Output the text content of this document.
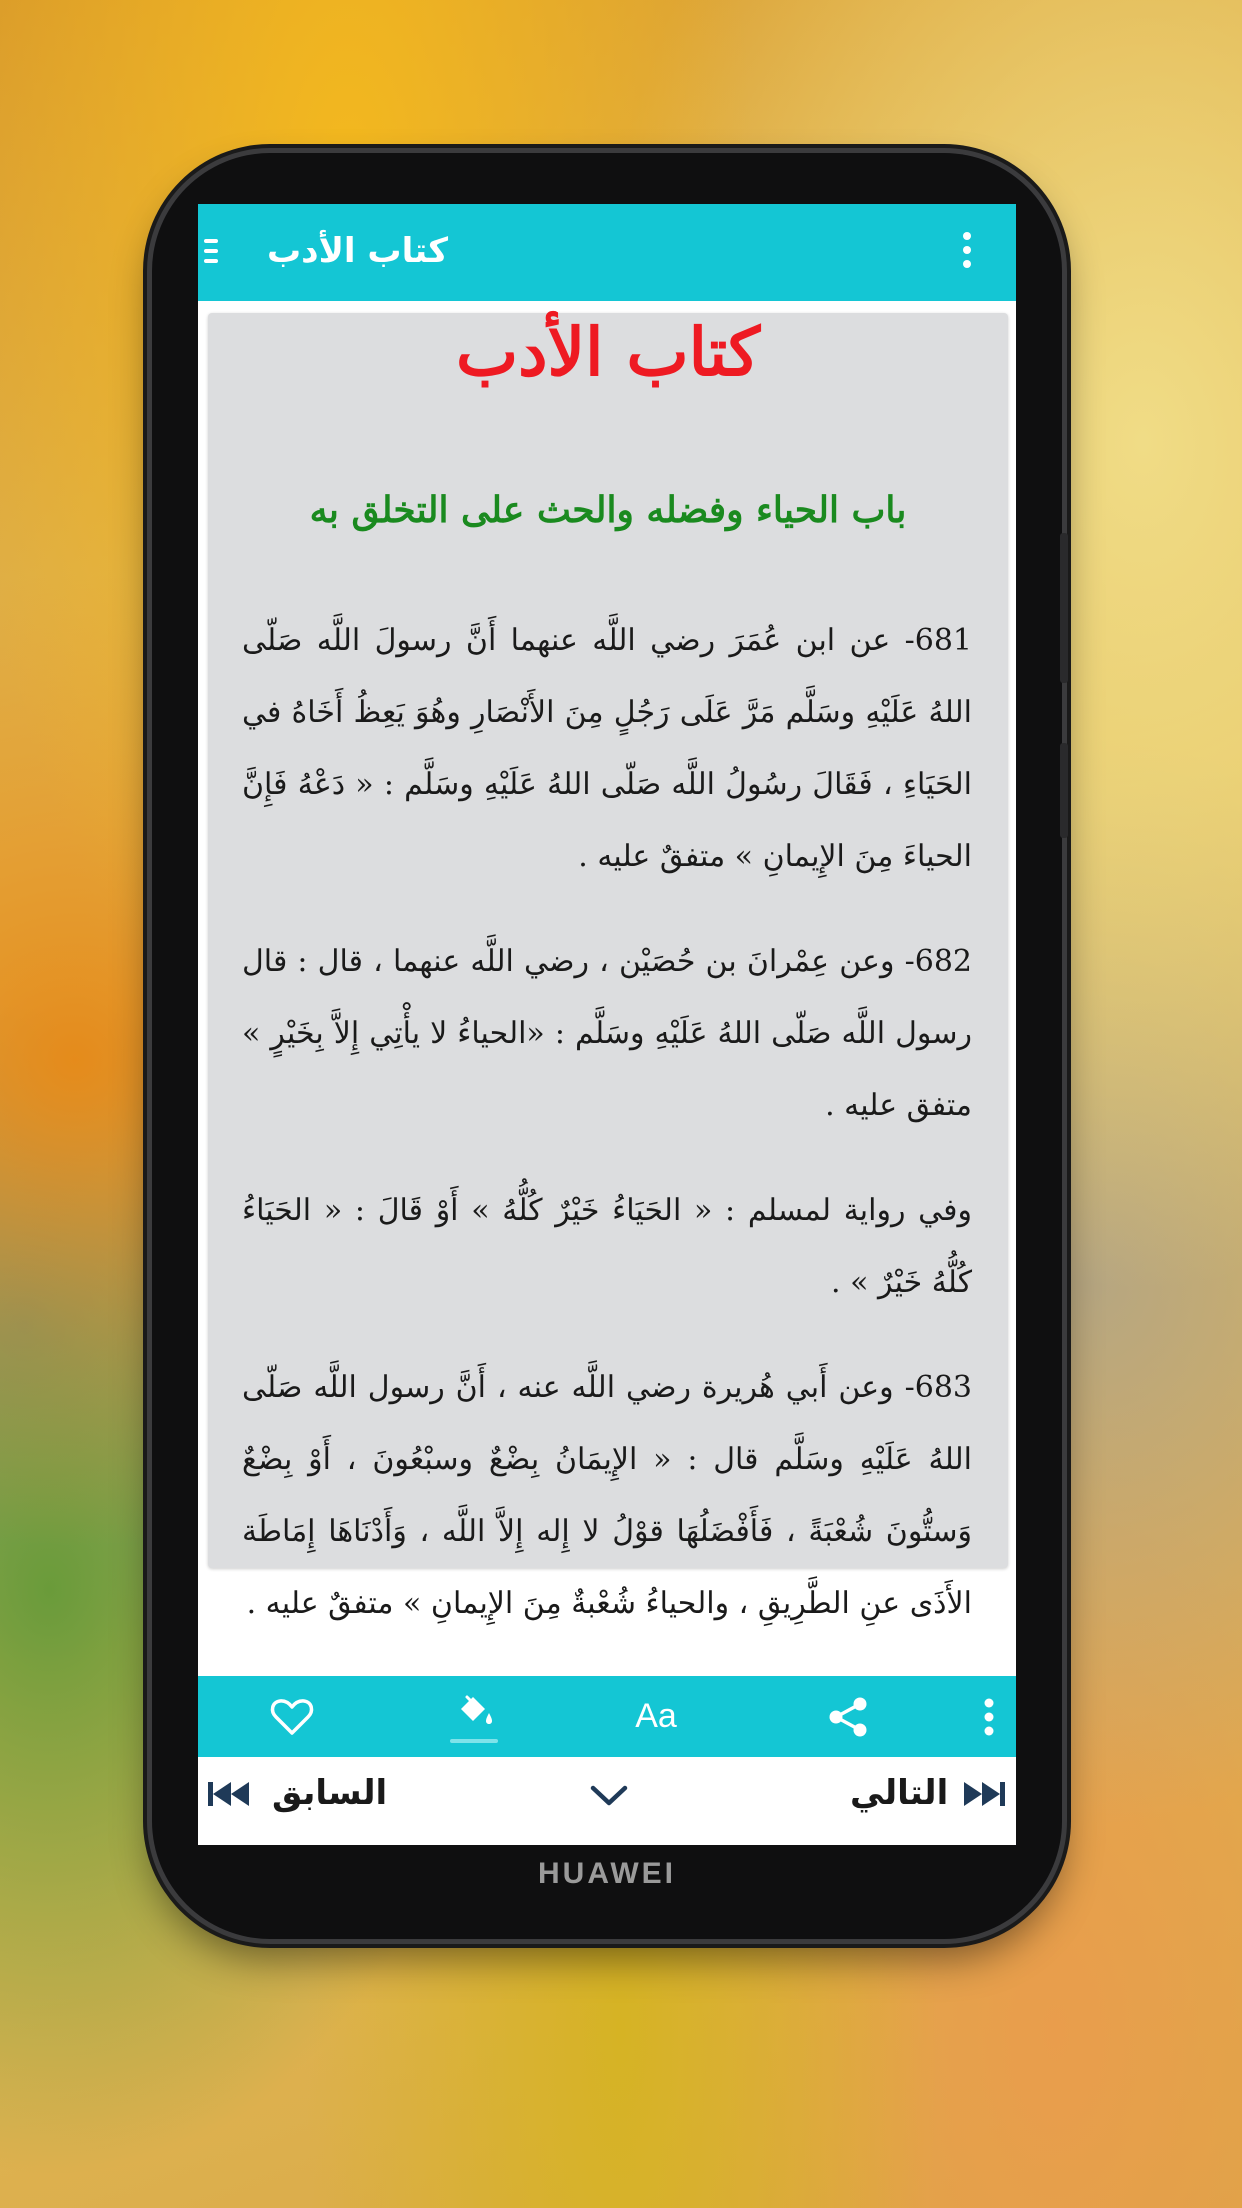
كتاب الأدب
كتاب الأدب
باب الحياء وفضله والحث على التخلق به

681- عن ابن عُمَرَ رضي اللَّه عنهما أَنَّ رسولَ اللَّه صَلّى اللهُ عَلَيْهِ وسَلَّم مَرَّ عَلَى رَجُلٍ مِنَ الأَنْصَارِ وهُوَ يَعِظُ أَخَاهُ في الحَيَاءِ ، فَقَالَ رسُولُ اللَّه صَلّى اللهُ عَلَيْهِ وسَلَّم : « دَعْهُ فَإِنَّ الحياءَ مِنَ الإِيمانِ » متفقٌ عليه .

682- وعن عِمْرانَ بن حُصَيْن ، رضي اللَّه عنهما ، قال : قال رسول اللَّه صَلّى اللهُ عَلَيْهِ وسَلَّم : «الحياءُ لا يأْتِي إِلاَّ بِخَيْرٍ » متفق عليه .

وفي رواية لمسلم : « الحَيَاءُ خَيْرٌ كُلُّهُ » أَوْ قَالَ : « الحَيَاءُ كُلُّهُ خَيْرٌ » .

683- وعن أَبي هُريرة رضي اللَّه عنه ، أَنَّ رسول اللَّه صَلّى اللهُ عَلَيْهِ وسَلَّم قال : « الإِيمَانُ بِضْعٌ وسبْعُونَ ، أَوْ بِضْعٌ وَستُّونَ شُعْبَةً ، فَأَفْضَلُهَا قوْلُ لا إِله إِلاَّ اللَّه ، وَأَدْنَاهَا إِمَاطَة الأَذَى عنِ الطَّرِيقِ ، والحياءُ شُعْبةٌ مِنَ الإِيمانِ » متفقٌ عليه .

Aa
السابق	التالي
HUAWEI
